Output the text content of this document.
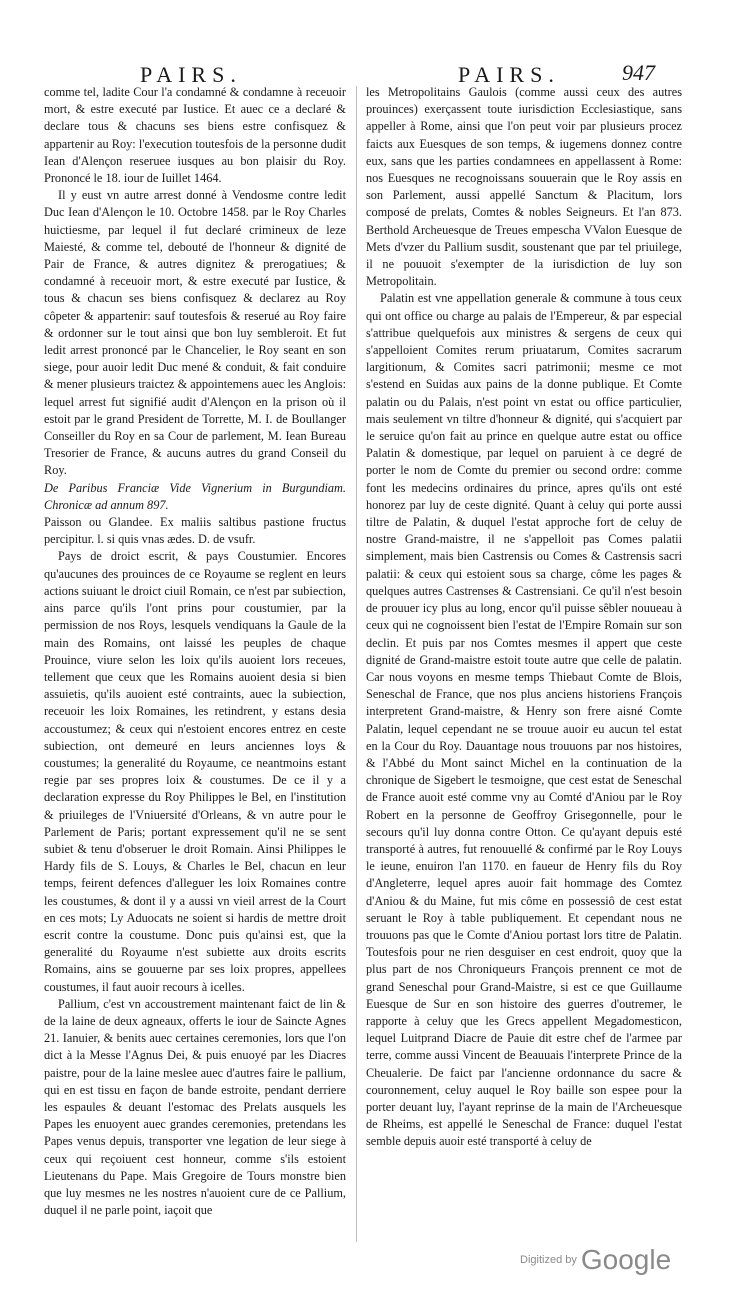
PAIRS.	PAIRS.	947

comme tel, ladite Cour l'a condamné & condamne à receuoir mort, & estre executé par Iustice. Et auec ce a declaré & declare tous & chacuns ses biens estre confisquez & appartenir au Roy: l'execution toutesfois de la personne dudit Iean d'Alençon reseruee iusques au bon plaisir du Roy. Prononcé le 18. iour de Iuillet 1464.

Il y eust vn autre arrest donné à Vendosme contre ledit Duc Iean d'Alençon le 10. Octobre 1458. par le Roy Charles huictiesme, par lequel il fut declaré crimineux de leze Maiesté, & comme tel, debouté de l'honneur & dignité de Pair de France, & autres dignitez & prerogatiues; & condamné à receuoir mort, & estre executé par Iustice, & tous & chacun ses biens confisquez & declarez au Roy côpeter & appartenir: sauf toutesfois & reserué au Roy faire & ordonner sur le tout ainsi que bon luy sembleroit. Et fut ledit arrest prononcé par le Chancelier, le Roy seant en son siege, pour auoir ledit Duc mené & conduit, & fait conduire & mener plusieurs traictez & appointemens auec les Anglois: lequel arrest fut signifié audit d'Alençon en la prison où il estoit par le grand President de Torrette, M. I. de Boullanger Conseiller du Roy en sa Cour de parlement, M. Iean Bureau Tresorier de France, & aucuns autres du grand Conseil du Roy.

De Paribus Franciæ Vide Vignerium in Burgundiam. Chronicæ ad annum 897.

Paisson ou Glandee. Ex maliis saltibus pastione fructus percipitur. l. si quis vnas ædes. D. de vsufr.

Pays de droict escrit, & pays Coustumier. Encores qu'aucunes des prouinces de ce Royaume se reglent en leurs actions suiuant le droict ciuil Romain, ce n'est par subiection, ains parce qu'ils l'ont prins pour coustumier, par la permission de nos Roys, lesquels vendiquans la Gaule de la main des Romains, ont laissé les peuples de chaque Prouince, viure selon les loix qu'ils auoient lors receues, tellement que ceux que les Romains auoient desia si bien assuietis, qu'ils auoient esté contraints, auec la subiection, receuoir les loix Romaines, les retindrent, y estans desia accoustumez; & ceux qui n'estoient encores entrez en ceste subiection, ont demeuré en leurs anciennes loys & coustumes; la generalité du Royaume, ce neantmoins estant regie par ses propres loix & coustumes. De ce il y a declaration expresse du Roy Philippes le Bel, en l'institution & priuileges de l'Vniuersité d'Orleans, & vn autre pour le Parlement de Paris; portant expressement qu'il ne se sent subiet & tenu d'obseruer le droit Romain. Ainsi Philippes le Hardy fils de S. Louys, & Charles le Bel, chacun en leur temps, feirent defences d'alleguer les loix Romaines contre les coustumes, & dont il y a aussi vn vieil arrest de la Court en ces mots; Ly Aduocats ne soient si hardis de mettre droit escrit contre la coustume. Donc puis qu'ainsi est, que la generalité du Royaume n'est subiette aux droits escrits Romains, ains se gouuerne par ses loix propres, appellees coustumes, il faut auoir recours à icelles.

Pallium, c'est vn accoustrement maintenant faict de lin & de la laine de deux agneaux, offerts le iour de Saincte Agnes 21. Ianuier, & benits auec certaines ceremonies, lors que l'on dict à la Messe l'Agnus Dei, & puis enuoyé par les Diacres paistre, pour de la laine meslee auec d'autres faire le pallium, qui en est tissu en façon de bande estroite, pendant derriere les espaules & deuant l'estomac des Prelats ausquels les Papes les enuoyent auec grandes ceremonies, pretendans les Papes venus depuis, transporter vne legation de leur siege à ceux qui reçoiuent cest honneur, comme s'ils estoient Lieutenans du Pape. Mais Gregoire de Tours monstre bien que luy mesmes ne les nostres n'auoient cure de ce Pallium, duquel il ne parle point, iaçoit que

les Metropolitains Gaulois (comme aussi ceux des autres prouinces) exerçassent toute iurisdiction Ecclesiastique, sans appeller à Rome, ainsi que l'on peut voir par plusieurs procez faicts aux Euesques de son temps, & iugemens donnez contre eux, sans que les parties condamnees en appellassent à Rome: nos Euesques ne recognoissans souuerain que le Roy assis en son Parlement, aussi appellé Sanctum & Placitum, lors composé de prelats, Comtes & nobles Seigneurs. Et l'an 873. Berthold Archeuesque de Treues empescha VValon Euesque de Mets d'vzer du Pallium susdit, soustenant que par tel priuilege, il ne pouuoit s'exempter de la iurisdiction de luy son Metropolitain.

Palatin est vne appellation generale & commune à tous ceux qui ont office ou charge au palais de l'Empereur, & par especial s'attribue quelquefois aux ministres & sergens de ceux qui s'appelloient Comites rerum priuatarum, Comites sacrarum largitionum, & Comites sacri patrimonii; mesme ce mot s'estend en Suidas aux pains de la donne publique. Et Comte palatin ou du Palais, n'est point vn estat ou office particulier, mais seulement vn tiltre d'honneur & dignité, qui s'acquiert par le seruice qu'on fait au prince en quelque autre estat ou office Palatin & domestique, par lequel on paruient à ce degré de porter le nom de Comte du premier ou second ordre: comme font les medecins ordinaires du prince, apres qu'ils ont esté honorez par luy de ceste dignité. Quant à celuy qui porte aussi tiltre de Palatin, & duquel l'estat approche fort de celuy de nostre Grand-maistre, il ne s'appelloit pas Comes palatii simplement, mais bien Castrensis ou Comes & Castrensis sacri palatii: & ceux qui estoient sous sa charge, côme les pages & quelques autres Castrenses & Castrensiani. Ce qu'il n'est besoin de prouuer icy plus au long, encor qu'il puisse sêbler nouueau à ceux qui ne cognoissent bien l'estat de l'Empire Romain sur son declin. Et puis par nos Comtes mesmes il appert que ceste dignité de Grand-maistre estoit toute autre que celle de palatin. Car nous voyons en mesme temps Thiebaut Comte de Blois, Seneschal de France, que nos plus anciens historiens François interpretent Grand-maistre, & Henry son frere aisné Comte Palatin, lequel cependant ne se trouue auoir eu aucun tel estat en la Cour du Roy. Dauantage nous trouuons par nos histoires, & l'Abbé du Mont sainct Michel en la continuation de la chronique de Sigebert le tesmoigne, que cest estat de Seneschal de France auoit esté comme vny au Comté d'Aniou par le Roy Robert en la personne de Geoffroy Grisegonnelle, pour le secours qu'il luy donna contre Otton. Ce qu'ayant depuis esté transporté à autres, fut renouuellé & confirmé par le Roy Louys le ieune, enuiron l'an 1170. en faueur de Henry fils du Roy d'Angleterre, lequel apres auoir fait hommage des Comtez d'Aniou & du Maine, fut mis côme en possessiô de cest estat seruant le Roy à table publiquement. Et cependant nous ne trouuons pas que le Comte d'Aniou portast lors titre de Palatin. Toutesfois pour ne rien desguiser en cest endroit, quoy que la plus part de nos Chroniqueurs François prennent ce mot de grand Seneschal pour Grand-Maistre, si est ce que Guillaume Euesque de Sur en son histoire des guerres d'outremer, le rapporte à celuy que les Grecs appellent Megadomesticon, lequel Luitprand Diacre de Pauie dit estre chef de l'armee par terre, comme aussi Vincent de Beauuais l'interprete Prince de la Cheualerie. De faict par l'ancienne ordonnance du sacre & couronnement, celuy auquel le Roy baille son espee pour la porter deuant luy, l'ayant reprinse de la main de l'Archeuesque de Rheims, est appellé le Seneschal de France: duquel l'estat semble depuis auoir esté transporté à celuy de

Digitized by Google
